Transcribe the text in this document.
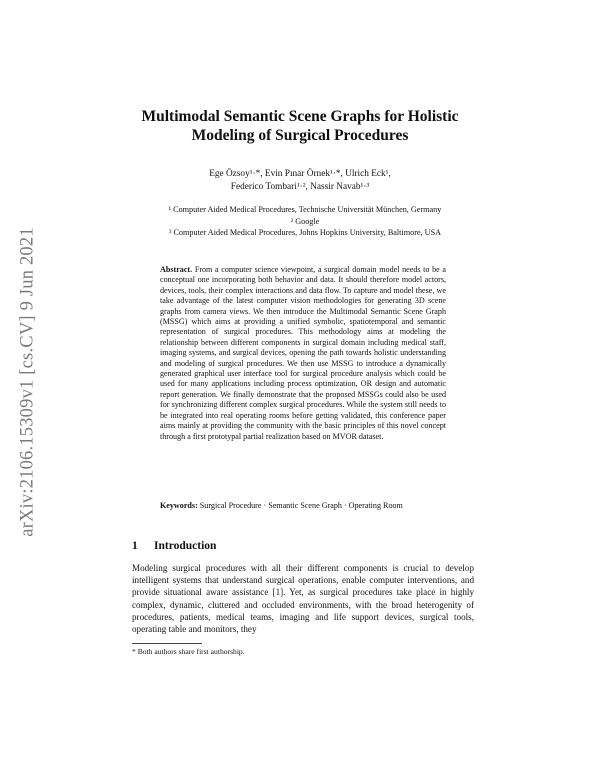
arXiv:2106.15309v1 [cs.CV] 9 Jun 2021
Multimodal Semantic Scene Graphs for Holistic
Modeling of Surgical Procedures
Ege Özsoy¹·*, Evin Pınar Örnek¹·*, Ulrich Eck¹,
Federico Tombari¹·², Nassir Navab¹·³
¹ Computer Aided Medical Procedures, Technische Universität München, Germany
² Google
³ Computer Aided Medical Procedures, Johns Hopkins University, Baltimore, USA
Abstract. From a computer science viewpoint, a surgical domain model needs to be a conceptual one incorporating both behavior and data. It should therefore model actors, devices, tools, their complex interactions and data flow. To capture and model these, we take advantage of the latest computer vision methodologies for generating 3D scene graphs from camera views. We then introduce the Multimodal Semantic Scene Graph (MSSG) which aims at providing a unified symbolic, spatiotemporal and semantic representation of surgical procedures. This methodology aims at modeling the relationship between different components in surgical domain including medical staff, imaging systems, and surgical devices, opening the path towards holistic understanding and modeling of surgical procedures. We then use MSSG to introduce a dynamically generated graphical user interface tool for surgical procedure analysis which could be used for many applications including process optimization, OR design and automatic report generation. We finally demonstrate that the proposed MSSGs could also be used for synchronizing different complex surgical procedures. While the system still needs to be integrated into real operating rooms before getting validated, this conference paper aims mainly at providing the community with the basic principles of this novel concept through a first prototypal partial realization based on MVOR dataset.
Keywords: Surgical Procedure · Semantic Scene Graph · Operating Room
1 Introduction
Modeling surgical procedures with all their different components is crucial to develop intelligent systems that understand surgical operations, enable computer interventions, and provide situational aware assistance [1]. Yet, as surgical procedures take place in highly complex, dynamic, cluttered and occluded environments, with the broad heterogenity of procedures, patients, medical teams, imaging and life support devices, surgical tools, operating table and monitors, they
* Both authors share first authorship.
